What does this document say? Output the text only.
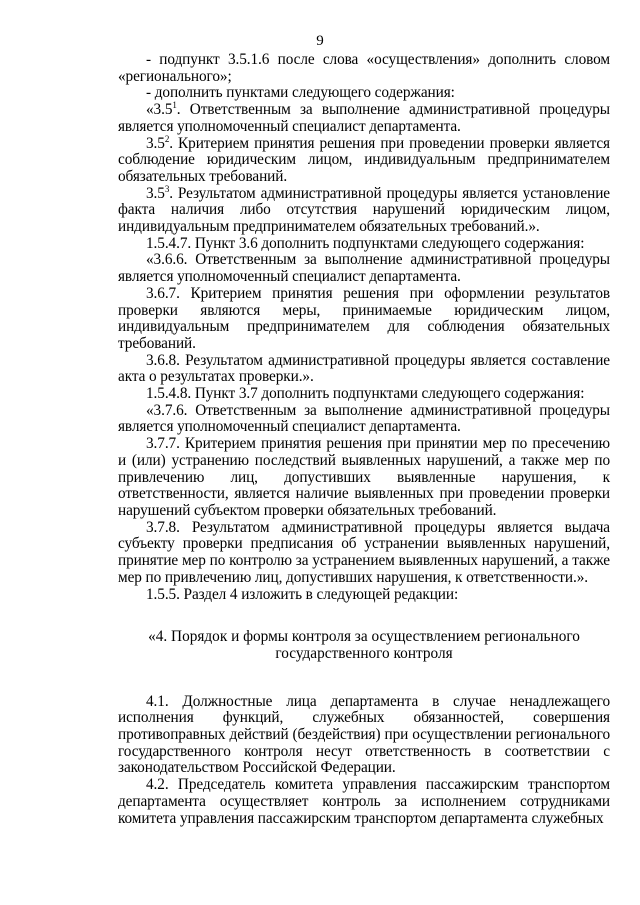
9

- подпункт 3.5.1.6 после слова «осуществления» дополнить словом «регионального»;

- дополнить пунктами следующего содержания:

«$3.5^1$. Ответственным за выполнение административной процедуры является уполномоченный специалист департамента.

$3.5^2$. Критерием принятия решения при проведении проверки является соблюдение юридическим лицом, индивидуальным предпринимателем обязательных требований.

$3.5^3$. Результатом административной процедуры является установление факта наличия либо отсутствия нарушений юридическим лицом, индивидуальным предпринимателем обязательных требований.».

1.5.4.7. Пункт 3.6 дополнить подпунктами следующего содержания:

«3.6.6. Ответственным за выполнение административной процедуры является уполномоченный специалист департамента.

3.6.7. Критерием принятия решения при оформлении результатов проверки являются меры, принимаемые юридическим лицом, индивидуальным предпринимателем для соблюдения обязательных требований.

3.6.8. Результатом административной процедуры является составление акта о результатах проверки.».

1.5.4.8. Пункт 3.7 дополнить подпунктами следующего содержания:

«3.7.6. Ответственным за выполнение административной процедуры является уполномоченный специалист департамента.

3.7.7. Критерием принятия решения при принятии мер по пресечению и (или) устранению последствий выявленных нарушений, а также мер по привлечению лиц, допустивших выявленные нарушения, к ответственности, является наличие выявленных при проведении проверки нарушений субъектом проверки обязательных требований.

3.7.8. Результатом административной процедуры является выдача субъекту проверки предписания об устранении выявленных нарушений, принятие мер по контролю за устранением выявленных нарушений, а также мер по привлечению лиц, допустивших нарушения, к ответственности.».

1.5.5. Раздел 4 изложить в следующей редакции:

«4. Порядок и формы контроля за осуществлением регионального государственного контроля

4.1. Должностные лица департамента в случае ненадлежащего исполнения функций, служебных обязанностей, совершения противоправных действий (бездействия) при осуществлении регионального государственного контроля несут ответственность в соответствии с законодательством Российской Федерации.

4.2. Председатель комитета управления пассажирским транспортом департамента осуществляет контроль за исполнением сотрудниками комитета управления пассажирским транспортом департамента служебных
